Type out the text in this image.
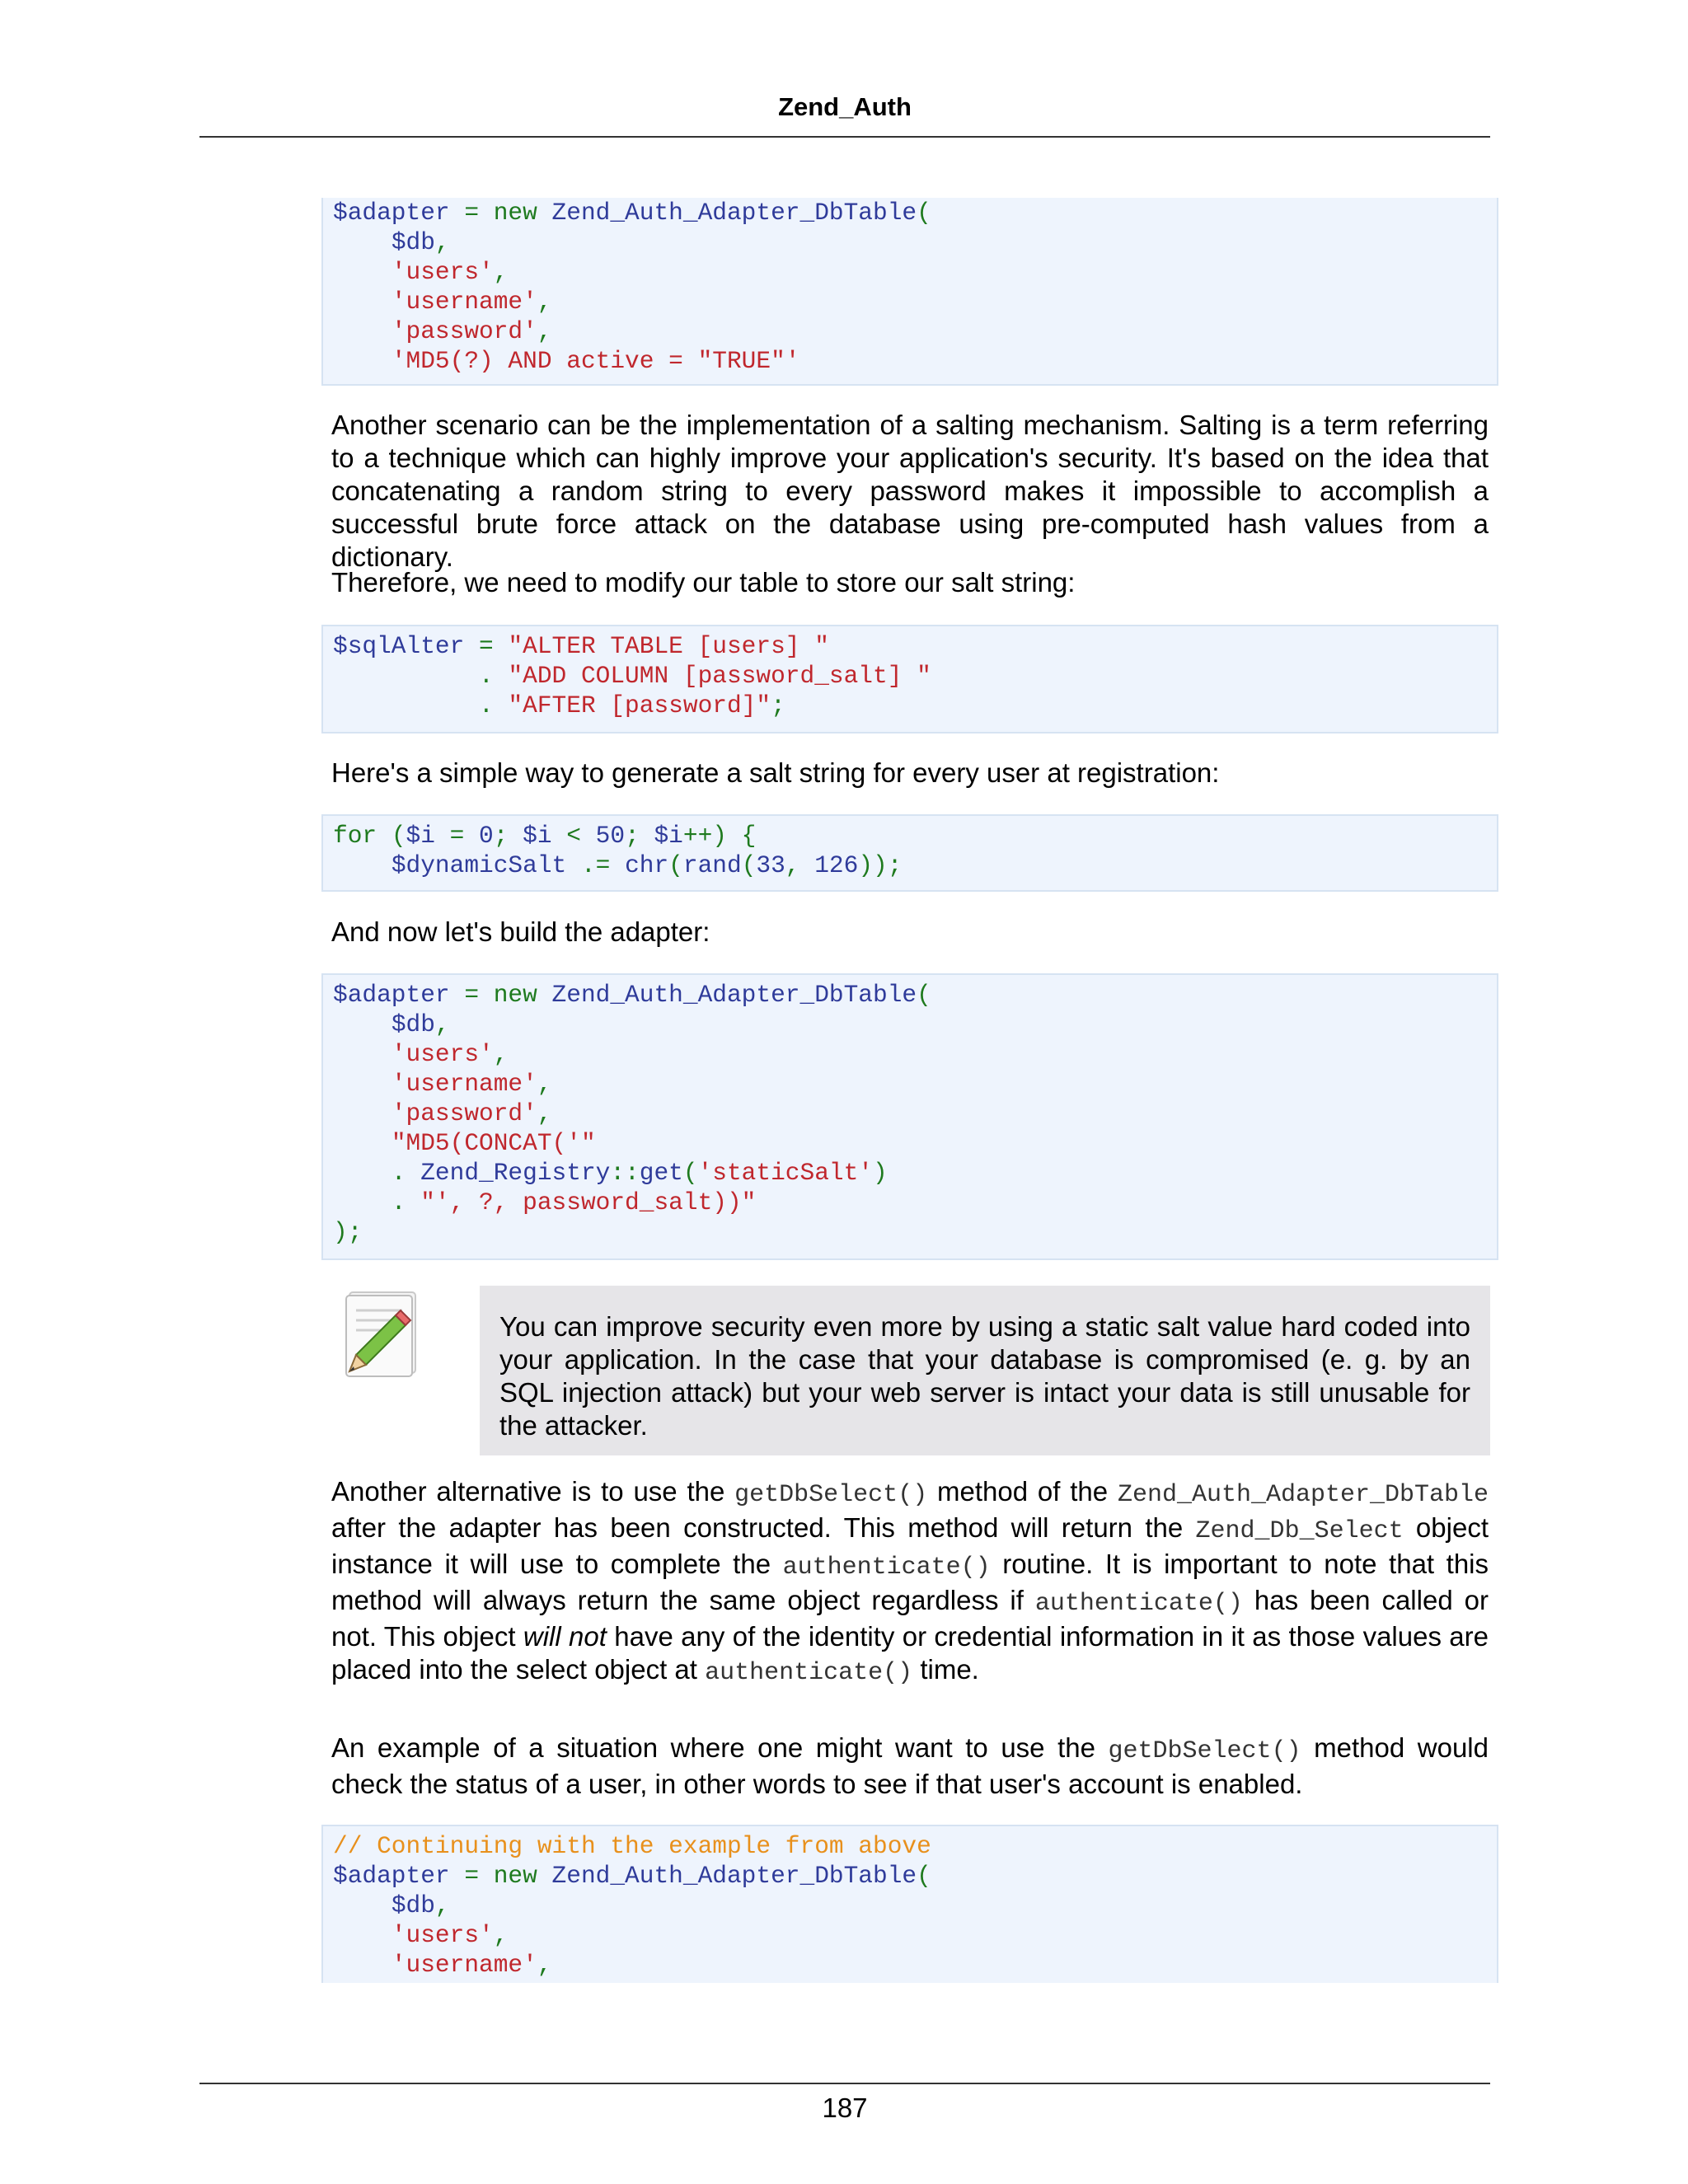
Zend_Auth
$adapter = new Zend_Auth_Adapter_DbTable(
$db,
'users',
'username',
'password',
'MD5(?) AND active = "TRUE"'

Another scenario can be the implementation of a salting mechanism. Salting is a term referring to a technique which can highly improve your application's security. It's based on the idea that concatenating a random string to every password makes it impossible to accomplish a successful brute force attack on the database using pre-computed hash values from a dictionary.

Therefore, we need to modify our table to store our salt string:

$sqlAlter = "ALTER TABLE [users] "
. "ADD COLUMN [password_salt] "
. "AFTER [password]";

Here's a simple way to generate a salt string for every user at registration:

for ($i = 0; $i < 50; $i++) {
$dynamicSalt .= chr(rand(33, 126));

And now let's build the adapter:

$adapter = new Zend_Auth_Adapter_DbTable(
$db,
'users',
'username',
'password',
"MD5(CONCAT('"
. Zend_Registry::get('staticSalt')
. "', ?, password_salt))"
);
You can improve security even more by using a static salt value hard coded into your application. In the case that your database is compromised (e. g. by an SQL injection attack) but your web server is intact your data is still unusable for the attacker.

Another alternative is to use the getDbSelect() method of the Zend_Auth_Adapter_DbTable after the adapter has been constructed. This method will return the Zend_Db_Select object instance it will use to complete the authenticate() routine. It is important to note that this method will always return the same object regardless if authenticate() has been called or not. This object will not have any of the identity or credential information in it as those values are placed into the select object at authenticate() time.

An example of a situation where one might want to use the getDbSelect() method would check the status of a user, in other words to see if that user's account is enabled.

// Continuing with the example from above
$adapter = new Zend_Auth_Adapter_DbTable(
$db,
'users',
'username',
187
